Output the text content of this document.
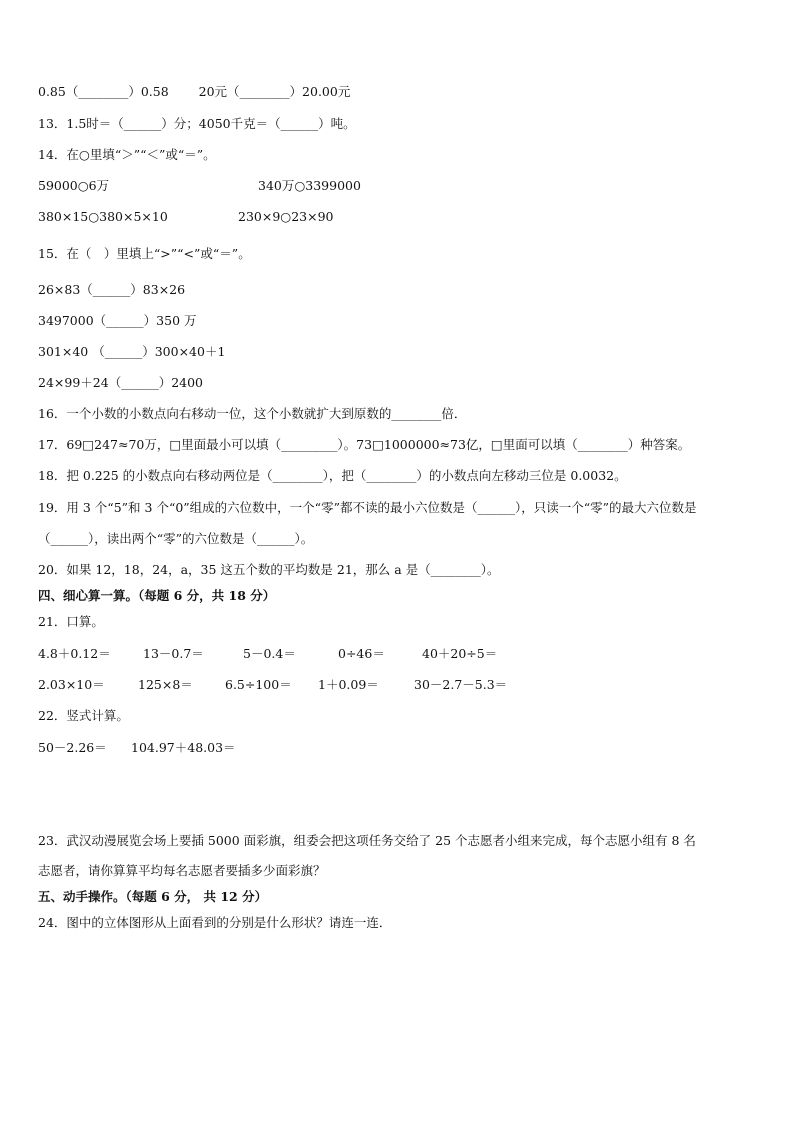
0.85（________）0.58 20元（________）20.00元
13．1.5时＝（______）分；4050千克＝（______）吨。
14．在○里填“＞”“＜”或“＝”。
59000○6万	340万○3399000
380×15○380×5×10	230×9○23×90
15．在（　）里填上“>”“<”或“＝”。
26×83（______）83×26
3497000（______）350 万
301×40 （______）300×40＋1
24×99＋24（______）2400
16．一个小数的小数点向右移动一位，这个小数就扩大到原数的________倍．
17．69□247≈70万，□里面最小可以填（_________）。73□1000000≈73亿，□里面可以填（________）种答案。
18．把 0.225 的小数点向右移动两位是（________），把（________）的小数点向左移动三位是 0.0032。
19．用 3 个“5”和 3 个“0”组成的六位数中，一个“零”都不读的最小六位数是（______），只读一个“零”的最大六位数是
（______），读出两个“零”的六位数是（______）。
20．如果 12，18，24，a，35 这五个数的平均数是 21，那么 a 是（________）。
四、细心算一算。（每题 6 分，共 18 分）
21．口算。
4.8＋0.12＝	13－0.7＝	5－0.4＝	0÷46＝	40＋20÷5＝
2.03×10＝	125×8＝	6.5÷100＝ 1＋0.09＝	30－2.7－5.3＝
22．竖式计算。
50－2.26＝ 104.97＋48.03＝
23．武汉动漫展览会场上要插 5000 面彩旗，组委会把这项任务交给了 25 个志愿者小组来完成，每个志愿小组有 8 名
志愿者，请你算算平均每名志愿者要插多少面彩旗？
五、动手操作。（每题 6 分， 共 12 分）
24．图中的立体图形从上面看到的分别是什么形状？请连一连．
